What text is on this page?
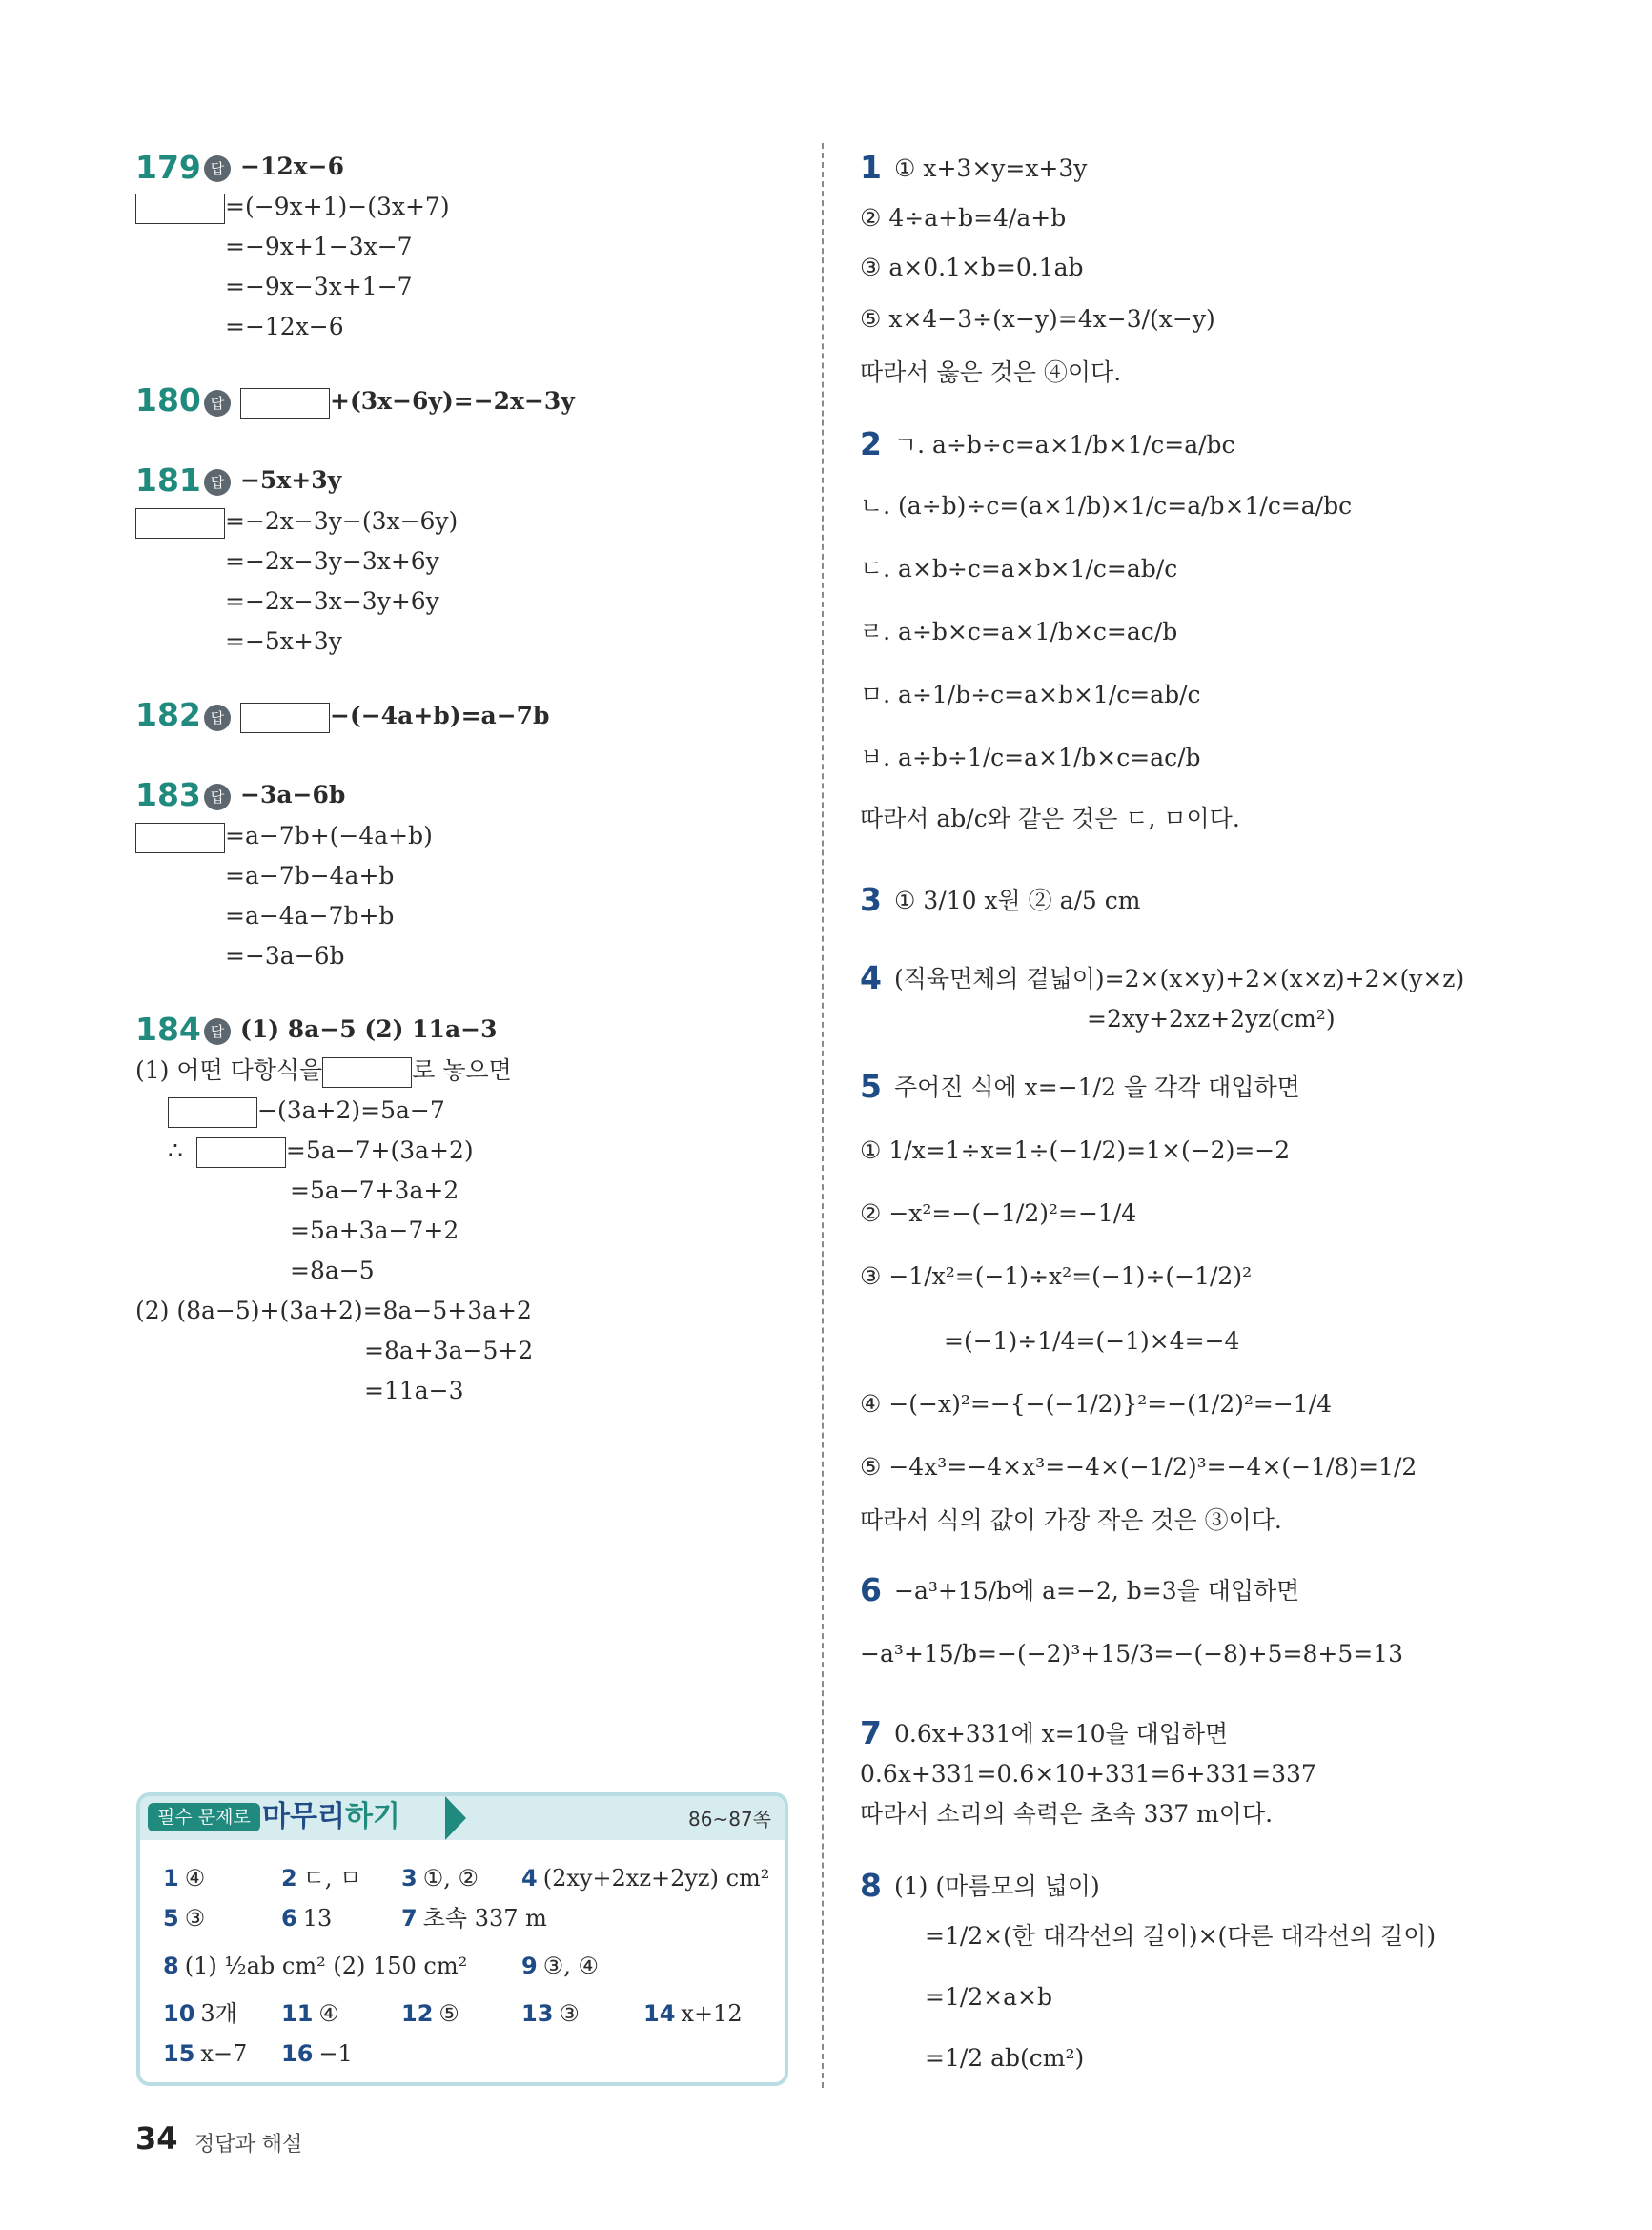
179 답 −12x−6
=(−9x+1)−(3x+7)
=−9x+1−3x−7
=−9x−3x+1−7
=−12x−6
180 답	+(3x−6y)=−2x−3y
181 답 −5x+3y
=−2x−3y−(3x−6y)
=−2x−3y−3x+6y
=−2x−3x−3y+6y
=−5x+3y
182 답	−(−4a+b)=a−7b
183 답 −3a−6b
=a−7b+(−4a+b)
=a−7b−4a+b
=a−4a−7b+b
=−3a−6b
184 답 (1) 8a−5 (2) 11a−3
(1) 어떤 다항식을	로 놓으면
−(3a+2)=5a−7
∴	=5a−7+(3a+2)
=5a−7+3a+2
=5a+3a−7+2
=8a−5
(2) (8a−5)+(3a+2)=8a−5+3a+2
=8a+3a−5+2
=11a−3
필수 문제로 마무리하기	86~87쪽
1 ④	2 ㄷ, ㅁ 3 ①, ② 4 (2xy+2xz+2yz) cm²
5 ③	6 13	7 초속 337 m
8 (1) ½ab cm² (2) 150 cm² 9 ③, ④
10 3개 11 ④	12 ⑤	13 ③	14 x+12
15 x−7 16 −1
1 ① x+3×y=x+3y
② 4÷a+b=4/a+b
③ a×0.1×b=0.1ab
⑤ x×4−3÷(x−y)=4x−3/(x−y)
따라서 옳은 것은 ④이다.
2 ㄱ. a÷b÷c=a×1/b×1/c=a/bc
ㄴ. (a÷b)÷c=(a×1/b)×1/c=a/b×1/c=a/bc
ㄷ. a×b÷c=a×b×1/c=ab/c
ㄹ. a÷b×c=a×1/b×c=ac/b
ㅁ. a÷1/b÷c=a×b×1/c=ab/c
ㅂ. a÷b÷1/c=a×1/b×c=ac/b
따라서 ab/c와 같은 것은 ㄷ, ㅁ이다.
3 ① 3/10 x원 ② a/5 cm
4 (직육면체의 겉넓이)=2×(x×y)+2×(x×z)+2×(y×z)
=2xy+2xz+2yz(cm²)
5 주어진 식에 x=−1/2 을 각각 대입하면
① 1/x=1÷x=1÷(−1/2)=1×(−2)=−2
② −x²=−(−1/2)²=−1/4
③ −1/x²=(−1)÷x²=(−1)÷(−1/2)²
=(−1)÷1/4=(−1)×4=−4
④ −(−x)²=−{−(−1/2)}²=−(1/2)²=−1/4
⑤ −4x³=−4×x³=−4×(−1/2)³=−4×(−1/8)=1/2
따라서 식의 값이 가장 작은 것은 ③이다.
6 −a³+15/b에 a=−2, b=3을 대입하면
−a³+15/b=−(−2)³+15/3=−(−8)+5=8+5=13
7 0.6x+331에 x=10을 대입하면
0.6x+331=0.6×10+331=6+331=337
따라서 소리의 속력은 초속 337 m이다.
8 (1) (마름모의 넓이)
=1/2×(한 대각선의 길이)×(다른 대각선의 길이)
=1/2×a×b
=1/2 ab(cm²)
34 정답과 해설
